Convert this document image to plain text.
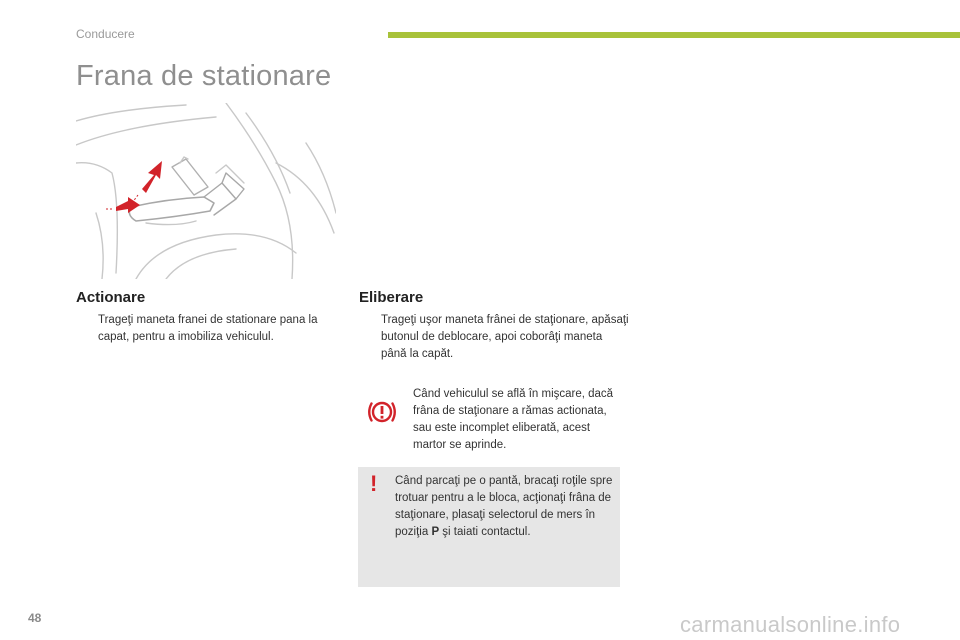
Conducere
Frana de stationare
Actionare
Trageţi maneta franei de stationare pana la capat, pentru a imobiliza vehiculul.
Eliberare
Trageţi uşor maneta frânei de staţionare, apăsaţi butonul de deblocare, apoi coborâţi maneta până la capăt.
Când vehiculul se află în mişcare, dacă frâna de staţionare a rămas actionata, sau este incomplet eliberată, acest martor se aprinde.
! Când parcaţi pe o pantă, bracaţi roţile spre trotuar pentru a le bloca, acţionaţi frâna de staţionare, plasaţi selectorul de mers în poziţia P şi taiati contactul.
48	carmanualsonline.info
